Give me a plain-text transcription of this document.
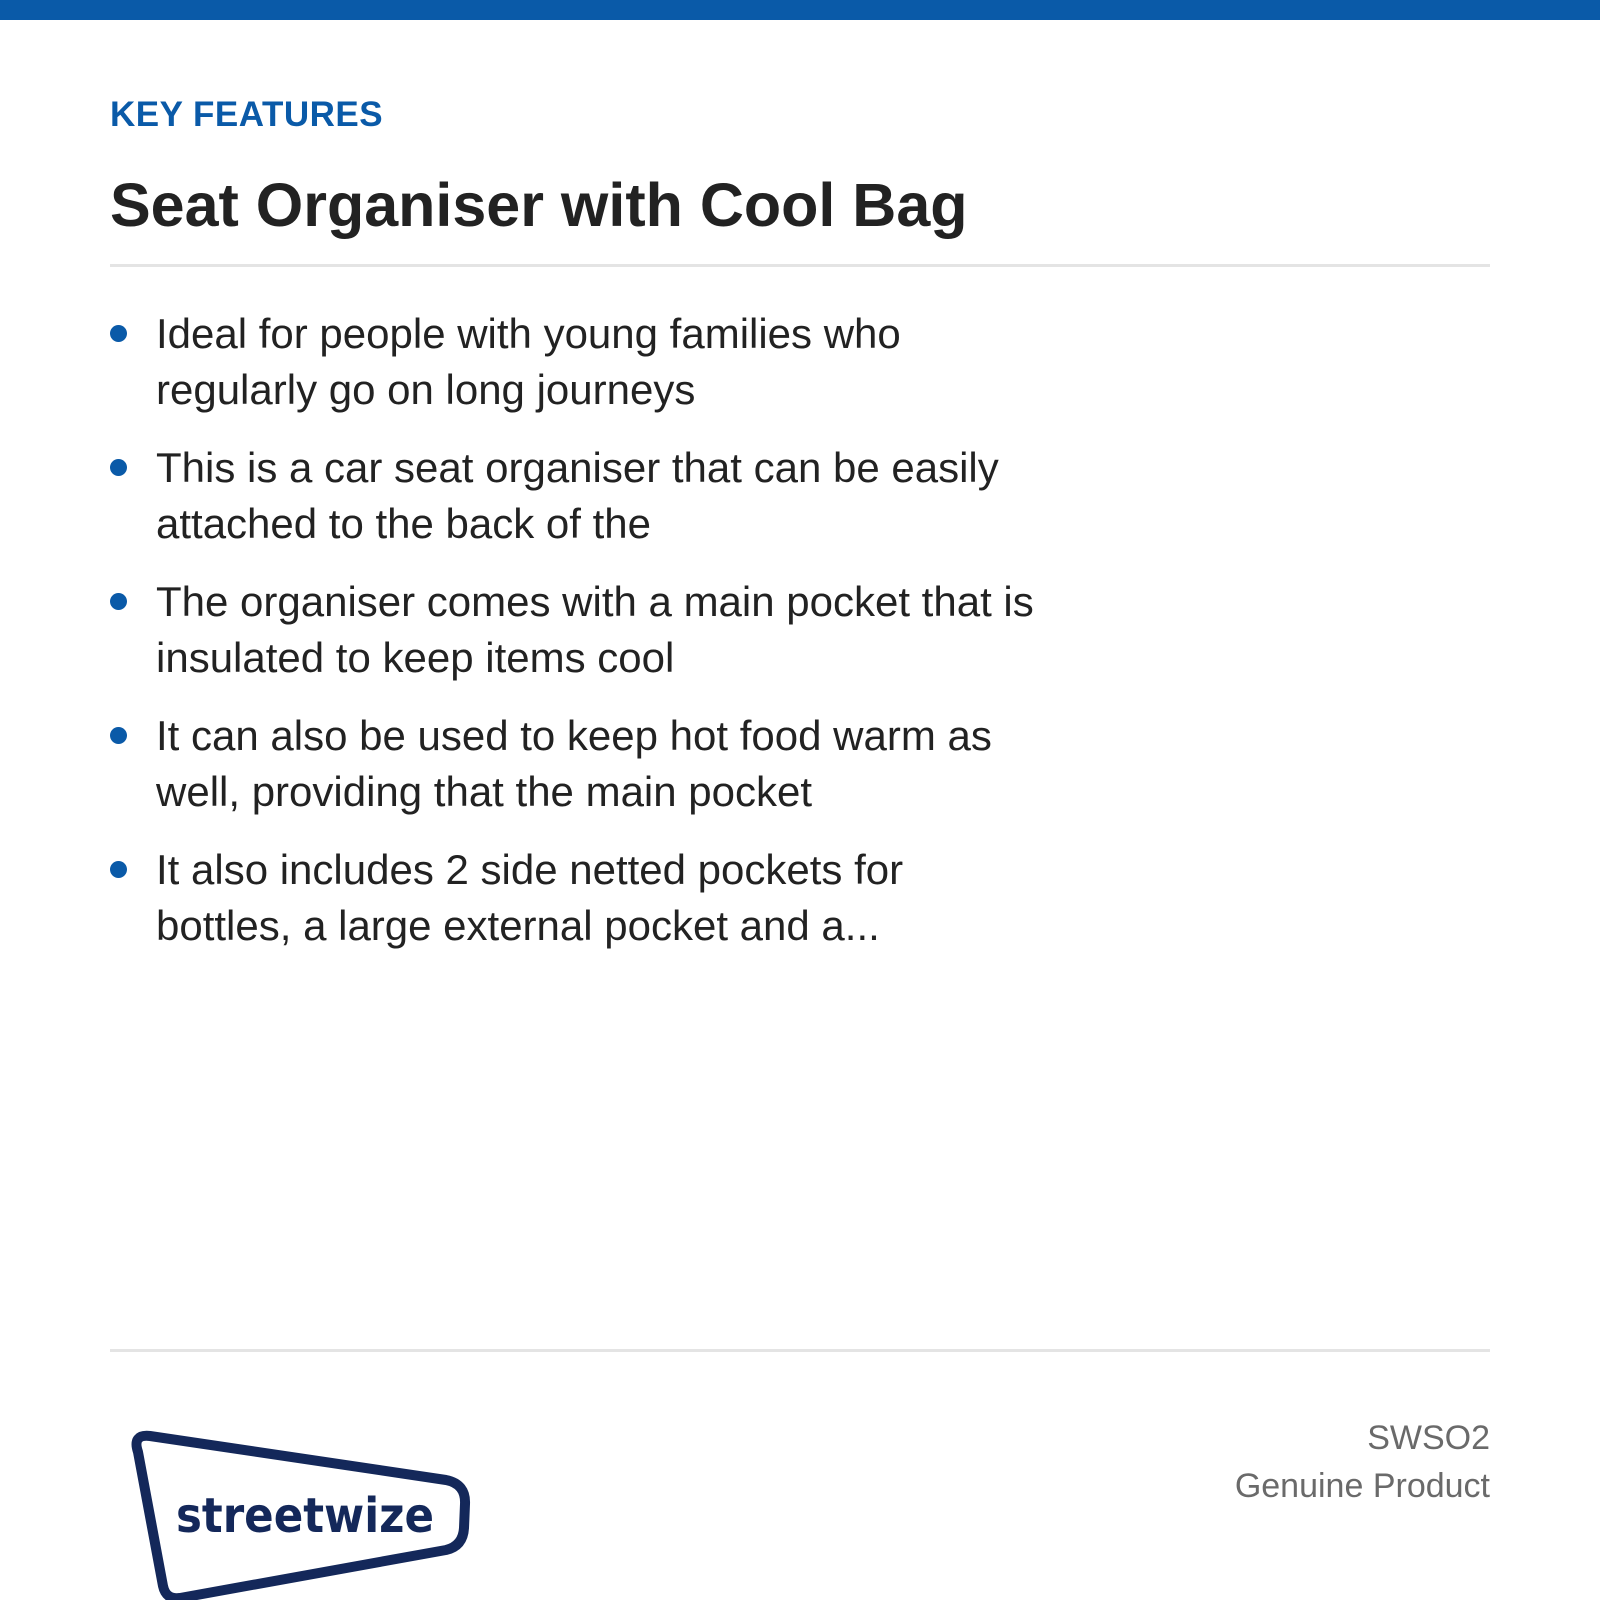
KEY FEATURES
Seat Organiser with Cool Bag
Ideal for people with young families who regularly go on long journeys
This is a car seat organiser that can be easily attached to the back of the
The organiser comes with a main pocket that is insulated to keep items cool
It can also be used to keep hot food warm as well, providing that the main pocket
It also includes 2 side netted pockets for bottles, a large external pocket and a...
streetwize
SWSO2
Genuine Product
